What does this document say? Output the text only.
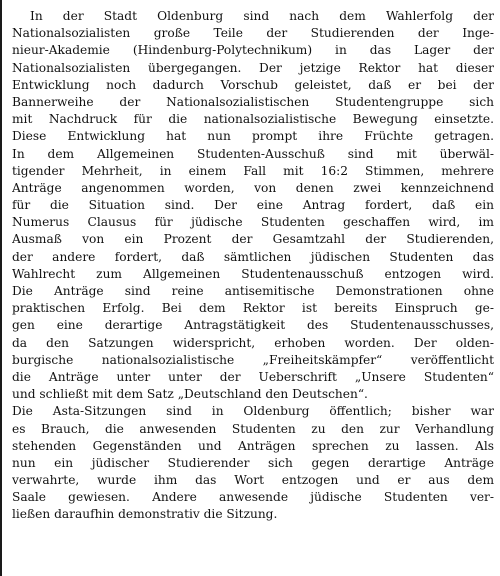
In der Stadt Oldenburg sind nach dem Wahlerfolg der
Nationalsozialisten große Teile der Studierenden der Inge-
nieur-Akademie (Hindenburg-Polytechnikum) in das Lager der
Nationalsozialisten übergegangen. Der jetzige Rektor hat dieser
Entwicklung noch dadurch Vorschub geleistet, daß er bei der
Bannerweihe der Nationalsozialistischen Studentengruppe sich
mit Nachdruck für die nationalsozialistische Bewegung einsetzte.
Diese Entwicklung hat nun prompt ihre Früchte getragen.
In dem Allgemeinen Studenten-Ausschuß sind mit überwäl-
tigender Mehrheit, in einem Fall mit 16:2 Stimmen, mehrere
Anträge angenommen worden, von denen zwei kennzeichnend
für die Situation sind. Der eine Antrag fordert, daß ein
Numerus Clausus für jüdische Studenten geschaffen wird, im
Ausmaß von ein Prozent der Gesamtzahl der Studierenden,
der andere fordert, daß sämtlichen jüdischen Studenten das
Wahlrecht zum Allgemeinen Studentenausschuß entzogen wird.
Die Anträge sind reine antisemitische Demonstrationen ohne
praktischen Erfolg. Bei dem Rektor ist bereits Einspruch ge-
gen eine derartige Antragstätigkeit des Studentenausschusses,
da den Satzungen widerspricht, erhoben worden. Der olden-
burgische nationalsozialistische „Freiheitskämpfer“ veröffentlicht
die Anträge unter unter der Ueberschrift „Unsere Studenten“
und schließt mit dem Satz „Deutschland den Deutschen“.
Die Asta-Sitzungen sind in Oldenburg öffentlich; bisher war
es Brauch, die anwesenden Studenten zu den zur Verhandlung
stehenden Gegenständen und Anträgen sprechen zu lassen. Als
nun ein jüdischer Studierender sich gegen derartige Anträge
verwahrte, wurde ihm das Wort entzogen und er aus dem
Saale gewiesen. Andere anwesende jüdische Studenten ver-
ließen daraufhin demonstrativ die Sitzung.
